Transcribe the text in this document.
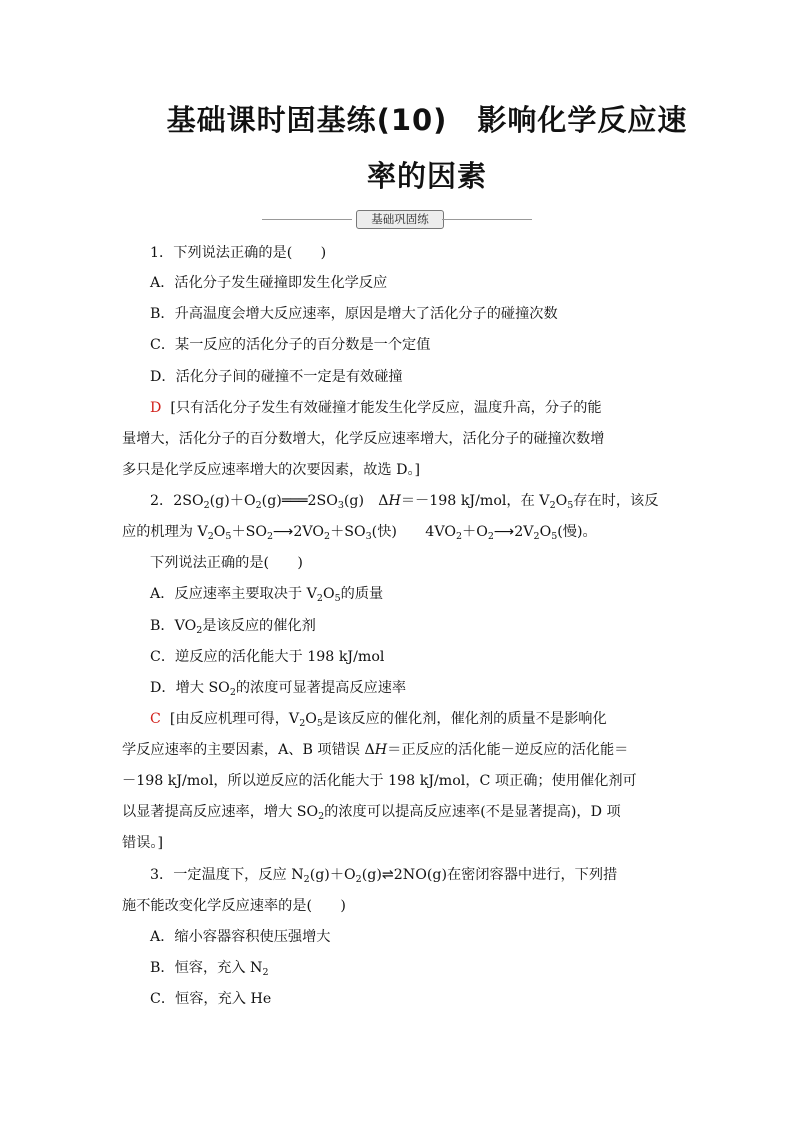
基础课时固基练(10)　影响化学反应速
率的因素
基础巩固练
1．下列说法正确的是(　　)
A．活化分子发生碰撞即发生化学反应
B．升高温度会增大反应速率，原因是增大了活化分子的碰撞次数
C．某一反应的活化分子的百分数是一个定值
D．活化分子间的碰撞不一定是有效碰撞
D [只有活化分子发生有效碰撞才能发生化学反应，温度升高，分子的能
量增大，活化分子的百分数增大，化学反应速率增大，活化分子的碰撞次数增
多只是化学反应速率增大的次要因素，故选 D。]
2．$2SO_2(g)+O_2(g)═══2SO_3(g)$　ΔH＝－198 kJ/mol，在 $V_2O_5$存在时，该反
应的机理为 $V_2O_5+SO_2⟶2VO_2+SO_3$(快)　　$4VO_2+O_2⟶2V_2O_5$(慢)。
下列说法正确的是(　　)
A．反应速率主要取决于 $V_2O_5$的质量
B．$VO_2$是该反应的催化剂
C．逆反应的活化能大于 198 kJ/mol
D．增大 $SO_2$的浓度可显著提高反应速率
C [由反应机理可得，$V_2O_5$是该反应的催化剂，催化剂的质量不是影响化
学反应速率的主要因素，A、B 项错误 ΔH＝正反应的活化能－逆反应的活化能＝
－198 kJ/mol，所以逆反应的活化能大于 198 kJ/mol，C 项正确；使用催化剂可
以显著提高反应速率，增大 $SO_2$的浓度可以提高反应速率(不是显著提高)，D 项
错误。]
3．一定温度下，反应 $N_2(g)+O_2(g)\rightleftharpoons 2NO(g)$在密闭容器中进行，下列措
施不能改变化学反应速率的是(　　)
A．缩小容器容积使压强增大
B．恒容，充入 $N_2$
C．恒容，充入 He
